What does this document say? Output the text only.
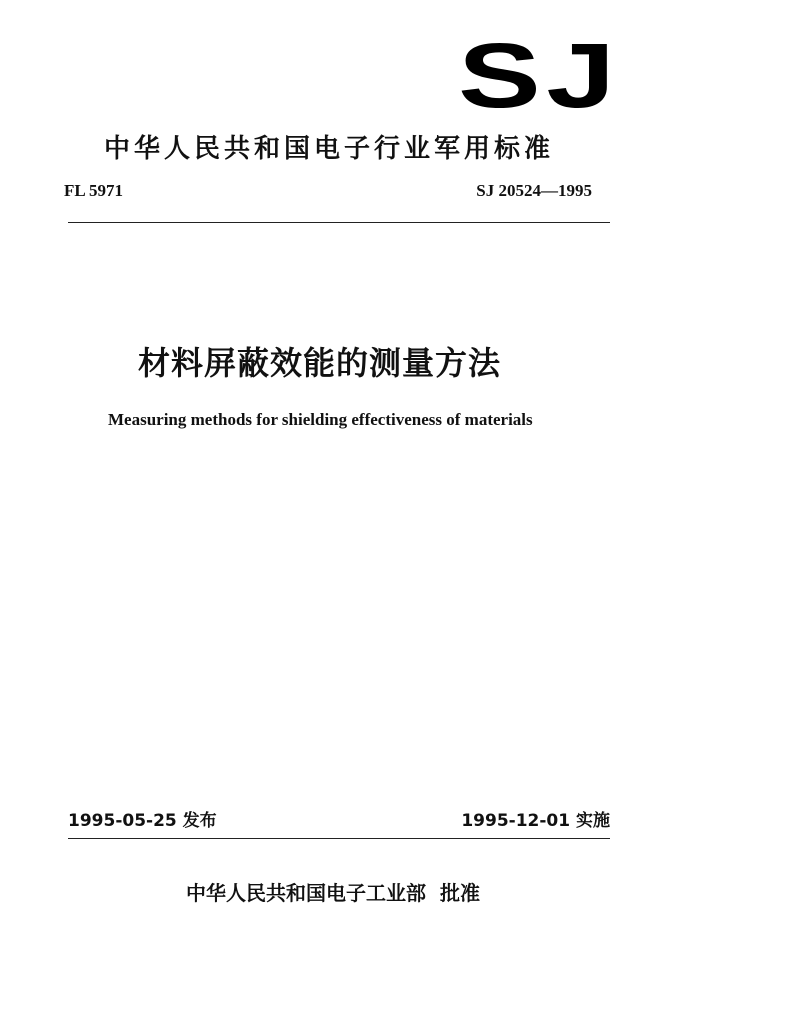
SJ
中华人民共和国电子行业军用标准
FL 5971	SJ 20524—1995
材料屏蔽效能的测量方法
Measuring methods for shielding effectiveness of materials
1995-05-25 发布	1995-12-01 实施
中华人民共和国电子工业部 批准
